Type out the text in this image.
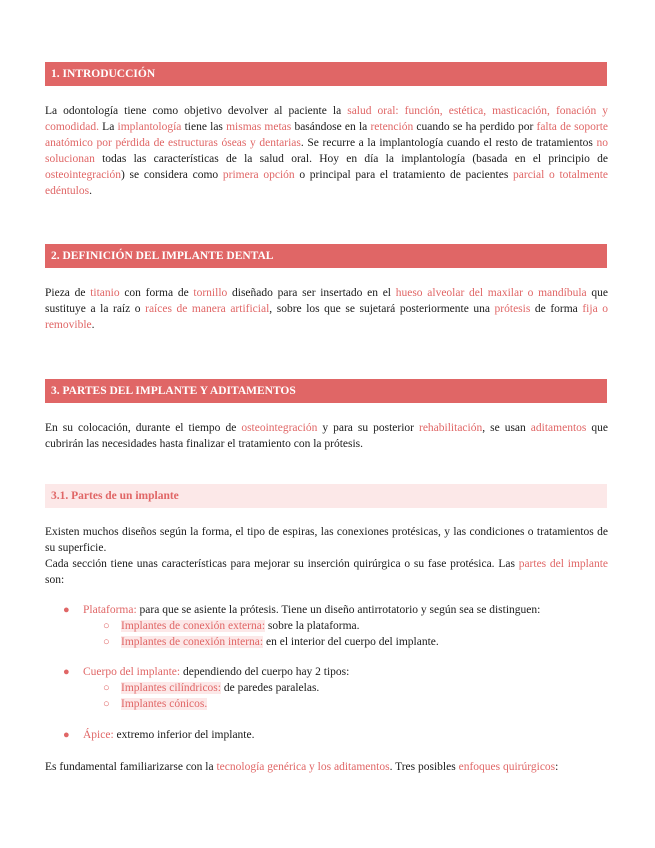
1. INTRODUCCIÓN

La odontología tiene como objetivo devolver al paciente la salud oral: función, estética, masticación, fonación y comodidad. La implantología tiene las mismas metas basándose en la retención cuando se ha perdido por falta de soporte anatómico por pérdida de estructuras óseas y dentarias. Se recurre a la implantología cuando el resto de tratamientos no solucionan todas las características de la salud oral. Hoy en día la implantología (basada en el principio de osteointegración) se considera como primera opción o principal para el tratamiento de pacientes parcial o totalmente edéntulos.

2. DEFINICIÓN DEL IMPLANTE DENTAL

Pieza de titanio con forma de tornillo diseñado para ser insertado en el hueso alveolar del maxilar o mandíbula que sustituye a la raíz o raíces de manera artificial, sobre los que se sujetará posteriormente una prótesis de forma fija o removible.

3. PARTES DEL IMPLANTE Y ADITAMENTOS

En su colocación, durante el tiempo de osteointegración y para su posterior rehabilitación, se usan aditamentos que cubrirán las necesidades hasta finalizar el tratamiento con la prótesis.

3.1. Partes de un implante

Existen muchos diseños según la forma, el tipo de espiras, las conexiones protésicas, y las condiciones o tratamientos de su superficie.

Cada sección tiene unas características para mejorar su inserción quirúrgica o su fase protésica. Las partes del implante son:

● Plataforma: para que se asiente la prótesis. Tiene un diseño antirrotatorio y según sea se distinguen:
○ Implantes de conexión externa: sobre la plataforma.
○ Implantes de conexión interna: en el interior del cuerpo del implante.
● Cuerpo del implante: dependiendo del cuerpo hay 2 tipos:
○ Implantes cilíndricos: de paredes paralelas.
○ Implantes cónicos.
● Ápice: extremo inferior del implante.

Es fundamental familiarizarse con la tecnología genérica y los aditamentos. Tres posibles enfoques quirúrgicos:
